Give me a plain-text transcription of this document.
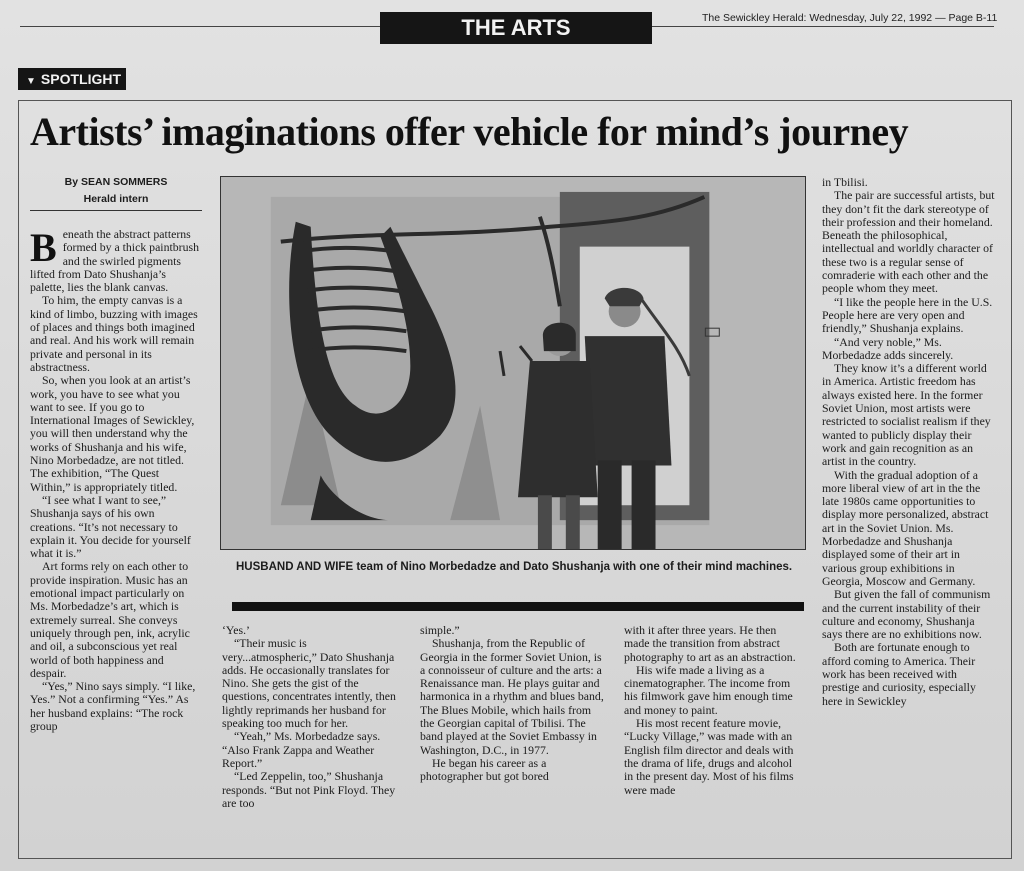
THE ARTS	The Sewickley Herald: Wednesday, July 22, 1992 — Page B-11
▼ SPOTLIGHT
Artists’ imaginations offer vehicle for mind’s journey
By SEAN SOMMERS
Herald intern
B eneath the abstract patterns formed by a thick paintbrush and the swirled pigments lifted from Dato Shushanja’s palette, lies the blank canvas.

To him, the empty canvas is a kind of limbo, buzzing with images of places and things both imagined and real. And his work will remain private and personal in its abstractness.

So, when you look at an artist’s work, you have to see what you want to see. If you go to International Images of Sewickley, you will then understand why the works of Shushanja and his wife, Nino Morbedadze, are not titled. The exhibition, “The Quest Within,” is appropriately titled.

“I see what I want to see,” Shushanja says of his own creations. “It’s not necessary to explain it. You decide for yourself what it is.”

Art forms rely on each other to provide inspiration. Music has an emotional impact particularly on Ms. Morbedadze’s art, which is extremely surreal. She conveys uniquely through pen, ink, acrylic and oil, a subconscious yet real world of both happiness and despair.

“Yes,” Nino says simply. “I like, Yes.” Not a confirming “Yes.” As her husband explains: “The rock group

HUSBAND AND WIFE team of Nino Morbedadze and Dato Shushanja with one of their mind machines.

‘Yes.’

“Their music is very...atmospheric,” Dato Shushanja adds. He occasionally translates for Nino. She gets the gist of the questions, concentrates intently, then lightly reprimands her husband for speaking too much for her.

“Yeah,” Ms. Morbedadze says. “Also Frank Zappa and Weather Report.”

“Led Zeppelin, too,” Shushanja responds. “But not Pink Floyd. They are too

simple.”

Shushanja, from the Republic of Georgia in the former Soviet Union, is a connoisseur of culture and the arts: a Renaissance man. He plays guitar and harmonica in a rhythm and blues band, The Blues Mobile, which hails from the Georgian capital of Tbilisi. The band played at the Soviet Embassy in Washington, D.C., in 1977.

He began his career as a photographer but got bored

with it after three years. He then made the transition from abstract photography to art as an abstraction.

His wife made a living as a cinematographer. The income from his filmwork gave him enough time and money to paint.

His most recent feature movie, “Lucky Village,” was made with an English film director and deals with the drama of life, drugs and alcohol in the present day. Most of his films were made

in Tbilisi.

The pair are successful artists, but they don’t fit the dark stereotype of their profession and their homeland. Beneath the philosophical, intellectual and worldly character of these two is a regular sense of comraderie with each other and the people whom they meet.

“I like the people here in the U.S. People here are very open and friendly,” Shushanja explains.

“And very noble,” Ms. Morbedadze adds sincerely.

They know it’s a different world in America. Artistic freedom has always existed here. In the former Soviet Union, most artists were restricted to socialist realism if they wanted to publicly display their work and gain recognition as an artist in the country.

With the gradual adoption of a more liberal view of art in the the late 1980s came opportunities to display more personalized, abstract art in the Soviet Union. Ms. Morbedadze and Shushanja displayed some of their art in various group exhibitions in Georgia, Moscow and Germany.

But given the fall of communism and the current instability of their culture and economy, Shushanja says there are no exhibitions now.

Both are fortunate enough to afford coming to America. Their work has been received with prestige and curiosity, especially here in Sewickley
